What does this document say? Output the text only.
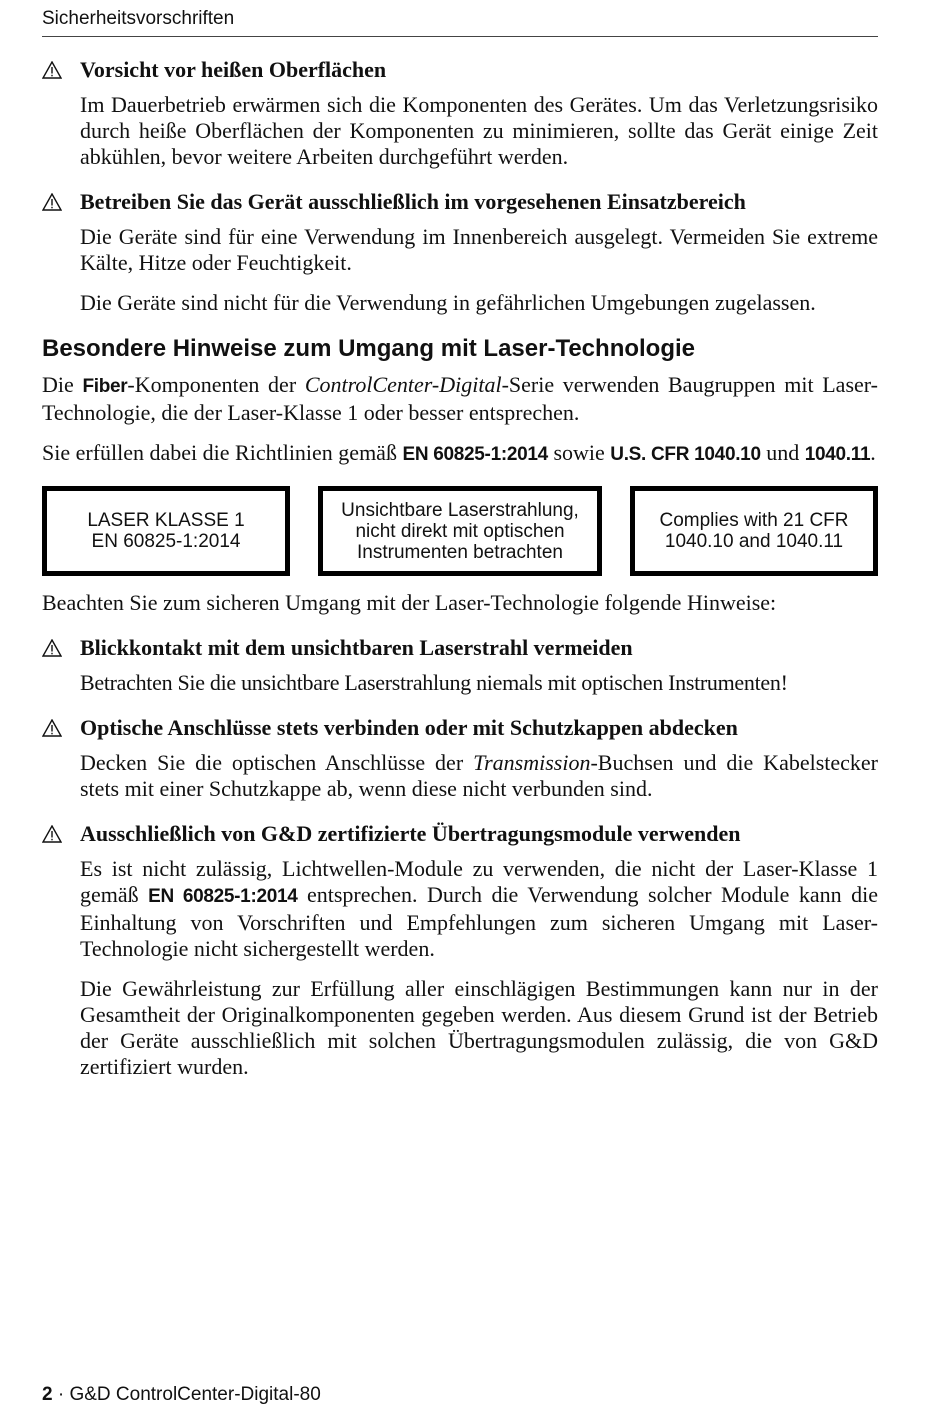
Sicherheitsvorschriften
Vorsicht vor heißen Oberflächen

Im Dauerbetrieb erwärmen sich die Komponenten des Gerätes. Um das Verletzungsrisiko durch heiße Oberflächen der Komponenten zu minimieren, sollte das Gerät einige Zeit abkühlen, bevor weitere Arbeiten durchgeführt werden.

Betreiben Sie das Gerät ausschließlich im vorgesehenen Einsatzbereich

Die Geräte sind für eine Verwendung im Innenbereich ausgelegt. Vermeiden Sie extreme Kälte, Hitze oder Feuchtigkeit.

Die Geräte sind nicht für die Verwendung in gefährlichen Umgebungen zugelassen.

Besondere Hinweise zum Umgang mit Laser-Technologie

Die Fiber-Komponenten der ControlCenter-Digital-Serie verwenden Baugruppen mit Laser-Technologie, die der Laser-Klasse 1 oder besser entsprechen.

Sie erfüllen dabei die Richtlinien gemäß EN 60825-1:2014 sowie U.S. CFR 1040.10 und 1040.11.

LASER KLASSE 1
EN 60825-1:2014
Unsichtbare Laserstrahlung,
nicht direkt mit optischen
Instrumenten betrachten
Complies with 21 CFR
1040.10 and 1040.11

Beachten Sie zum sicheren Umgang mit der Laser-Technologie folgende Hinweise:

Blickkontakt mit dem unsichtbaren Laserstrahl vermeiden

Betrachten Sie die unsichtbare Laserstrahlung niemals mit optischen Instrumenten!

Optische Anschlüsse stets verbinden oder mit Schutzkappen abdecken

Decken Sie die optischen Anschlüsse der Transmission-Buchsen und die Kabelstecker stets mit einer Schutzkappe ab, wenn diese nicht verbunden sind.

Ausschließlich von G&D zertifizierte Übertragungsmodule verwenden

Es ist nicht zulässig, Lichtwellen-Module zu verwenden, die nicht der Laser-Klasse 1 gemäß EN 60825-1:2014 entsprechen. Durch die Verwendung solcher Module kann die Einhaltung von Vorschriften und Empfehlungen zum sicheren Umgang mit Laser-Technologie nicht sichergestellt werden.

Die Gewährleistung zur Erfüllung aller einschlägigen Bestimmungen kann nur in der Gesamtheit der Originalkomponenten gegeben werden. Aus diesem Grund ist der Betrieb der Geräte ausschließlich mit solchen Übertragungsmodulen zulässig, die von G&D zertifiziert wurden.

2 · G&D ControlCenter-Digital-80
